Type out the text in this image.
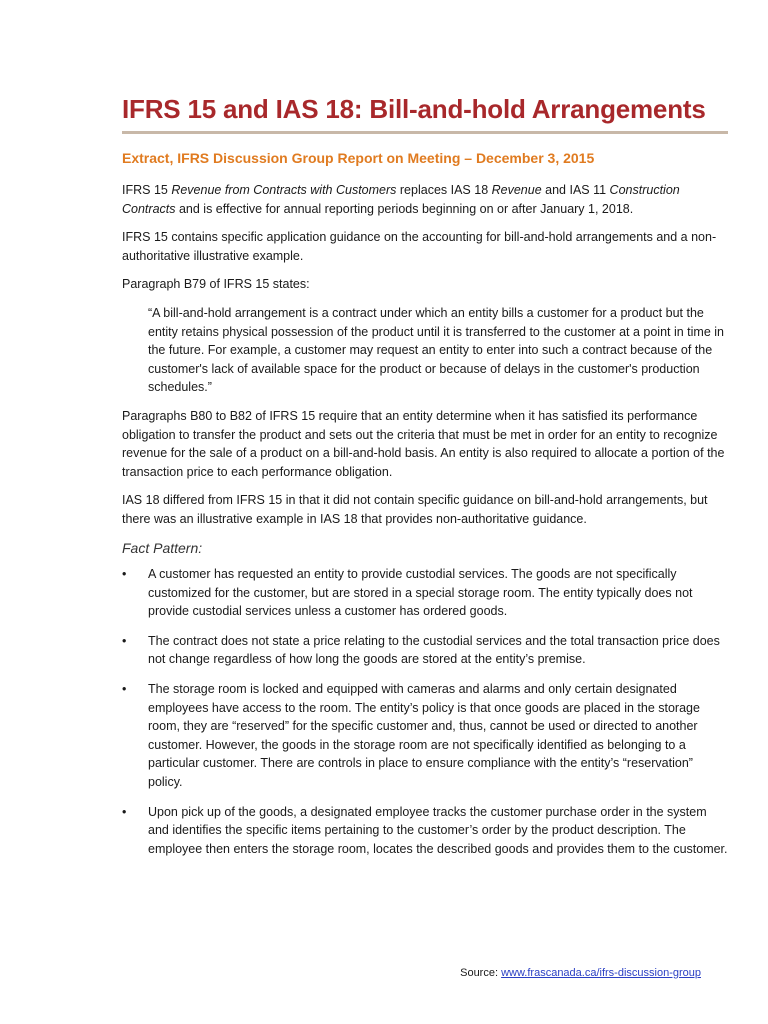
IFRS 15 and IAS 18: Bill-and-hold Arrangements
Extract, IFRS Discussion Group Report on Meeting – December 3, 2015

IFRS 15 Revenue from Contracts with Customers replaces IAS 18 Revenue and IAS 11 Construction Contracts and is effective for annual reporting periods beginning on or after January 1, 2018.

IFRS 15 contains specific application guidance on the accounting for bill-and-hold arrangements and a non-authoritative illustrative example.

Paragraph B79 of IFRS 15 states:

“A bill-and-hold arrangement is a contract under which an entity bills a customer for a product but the entity retains physical possession of the product until it is transferred to the customer at a point in time in the future. For example, a customer may request an entity to enter into such a contract because of the customer's lack of available space for the product or because of delays in the customer's production schedules.”

Paragraphs B80 to B82 of IFRS 15 require that an entity determine when it has satisfied its performance obligation to transfer the product and sets out the criteria that must be met in order for an entity to recognize revenue for the sale of a product on a bill-and-hold basis. An entity is also required to allocate a portion of the transaction price to each performance obligation.

IAS 18 differed from IFRS 15 in that it did not contain specific guidance on bill-and-hold arrangements, but there was an illustrative example in IAS 18 that provides non-authoritative guidance.

Fact Pattern:
• A customer has requested an entity to provide custodial services. The goods are not specifically customized for the customer, but are stored in a special storage room. The entity typically does not provide custodial services unless a customer has ordered goods.
• The contract does not state a price relating to the custodial services and the total transaction price does not change regardless of how long the goods are stored at the entity’s premise.
• The storage room is locked and equipped with cameras and alarms and only certain designated employees have access to the room. The entity’s policy is that once goods are placed in the storage room, they are “reserved” for the specific customer and, thus, cannot be used or directed to another customer. However, the goods in the storage room are not specifically identified as belonging to a particular customer. There are controls in place to ensure compliance with the entity’s “reservation” policy.
• Upon pick up of the goods, a designated employee tracks the customer purchase order in the system and identifies the specific items pertaining to the customer’s order by the product description. The employee then enters the storage room, locates the described goods and provides them to the customer.
Source: www.frascanada.ca/ifrs-discussion-group
